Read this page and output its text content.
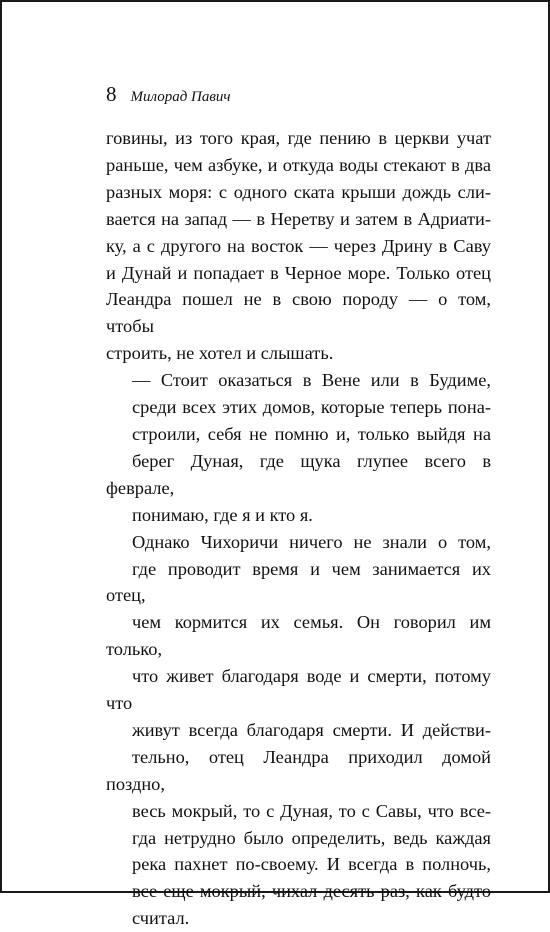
8 Милорад Павич

говины, из того края, где пению в церкви учат
раньше, чем азбуке, и откуда воды стекают в два
разных моря: с одного ската крыши дождь сли-
вается на запад — в Неретву и затем в Адриати-
ку, а с другого на восток — через Дрину в Саву
и Дунай и попадает в Черное море. Только отец
Леандра пошел не в свою породу — о том, чтобы
строить, не хотел и слышать.

— Стоит оказаться в Вене или в Будиме,
среди всех этих домов, которые теперь пона-
строили, себя не помню и, только выйдя на
берег Дуная, где щука глупее всего в феврале,
понимаю, где я и кто я.

Однако Чихоричи ничего не знали о том,
где проводит время и чем занимается их отец,
чем кормится их семья. Он говорил им только,
что живет благодаря воде и смерти, потому что
живут всегда благодаря смерти. И действи-
тельно, отец Леандра приходил домой поздно,
весь мокрый, то с Дуная, то с Савы, что все-
гда нетрудно было определить, ведь каждая
река пахнет по-своему. И всегда в полночь,
все еще мокрый, чихал десять раз, как будто
считал.
